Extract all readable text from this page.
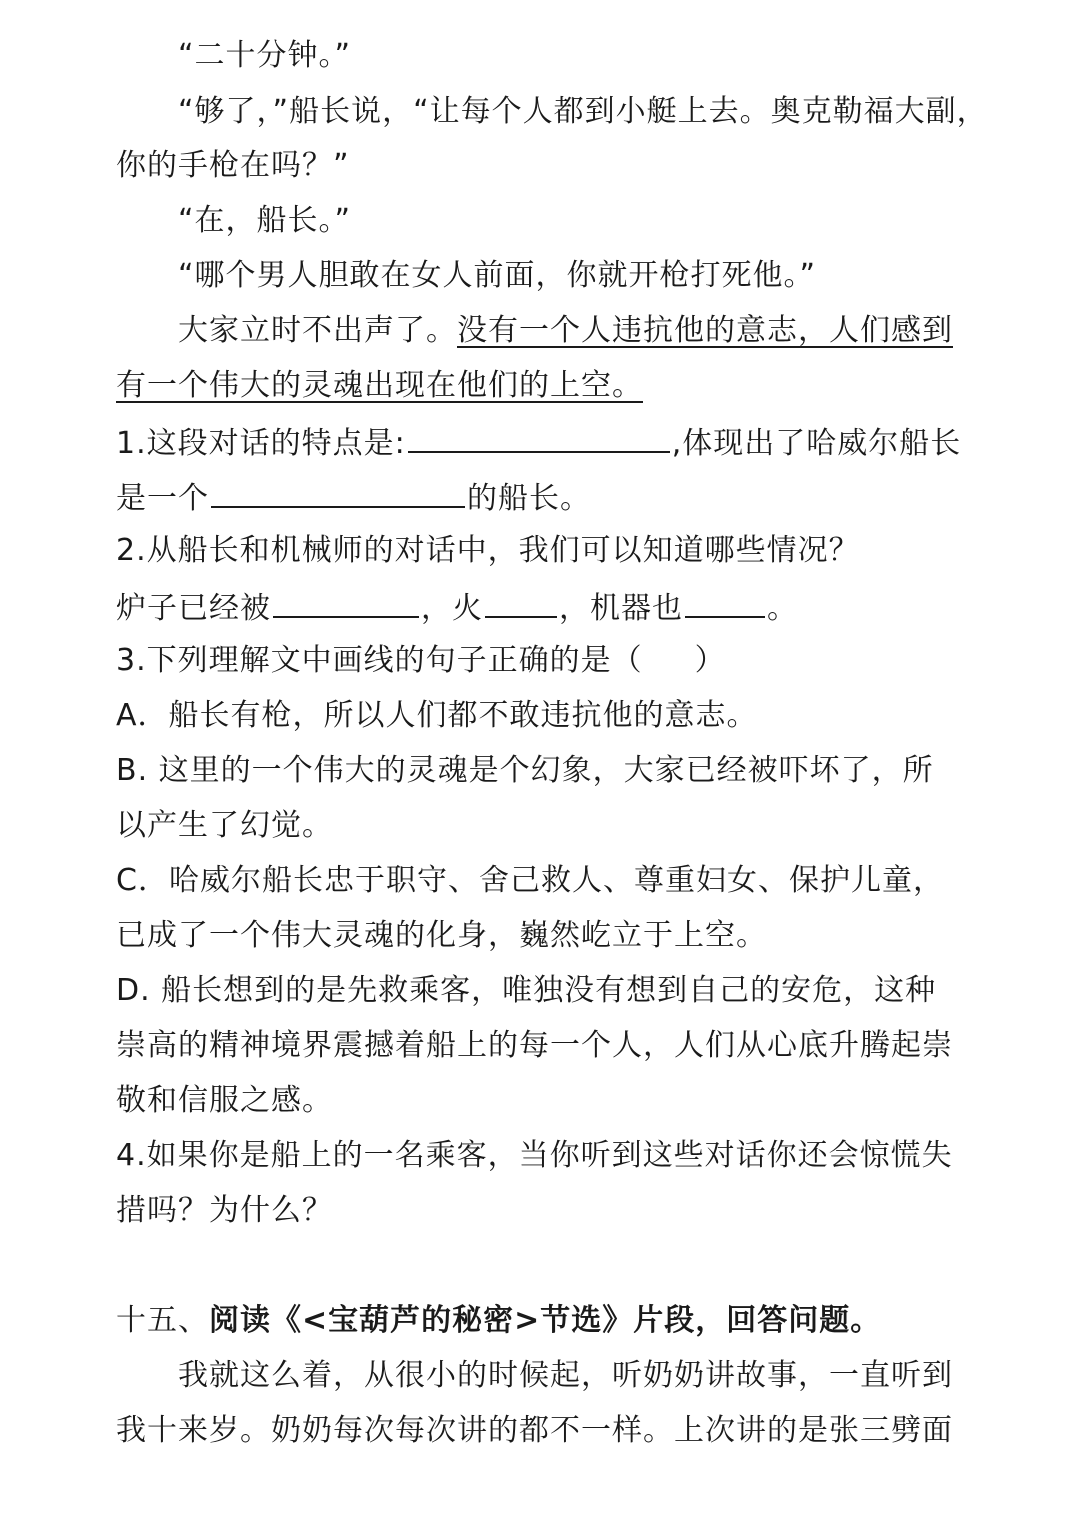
“二十分钟。”
“够了，”船长说，“让每个人都到小艇上去。奥克勒福大副，
你的手枪在吗？”
“在，船长。”
“哪个男人胆敢在女人前面，你就开枪打死他。”
大家立时不出声了。没有一个人违抗他的意志，人们感到
有一个伟大的灵魂出现在他们的上空。
1.这段对话的特点是:	,体现出了哈威尔船长
是一个	的船长。
2.从船长和机械师的对话中，我们可以知道哪些情况？
炉子已经被	，火	，机器也	。
3.下列理解文中画线的句子正确的是（ ）
A．船长有枪，所以人们都不敢违抗他的意志。
B. 这里的一个伟大的灵魂是个幻象，大家已经被吓坏了，所
以产生了幻觉。
C．哈威尔船长忠于职守、舍己救人、尊重妇女、保护儿童，
已成了一个伟大灵魂的化身，巍然屹立于上空。
D. 船长想到的是先救乘客，唯独没有想到自己的安危，这种
崇高的精神境界震撼着船上的每一个人，人们从心底升腾起崇
敬和信服之感。
4.如果你是船上的一名乘客，当你听到这些对话你还会惊慌失
措吗？为什么？
十五、阅读《<宝葫芦的秘密>节选》片段，回答问题。
我就这么着，从很小的时候起，听奶奶讲故事，一直听到
我十来岁。奶奶每次每次讲的都不一样。上次讲的是张三劈面
